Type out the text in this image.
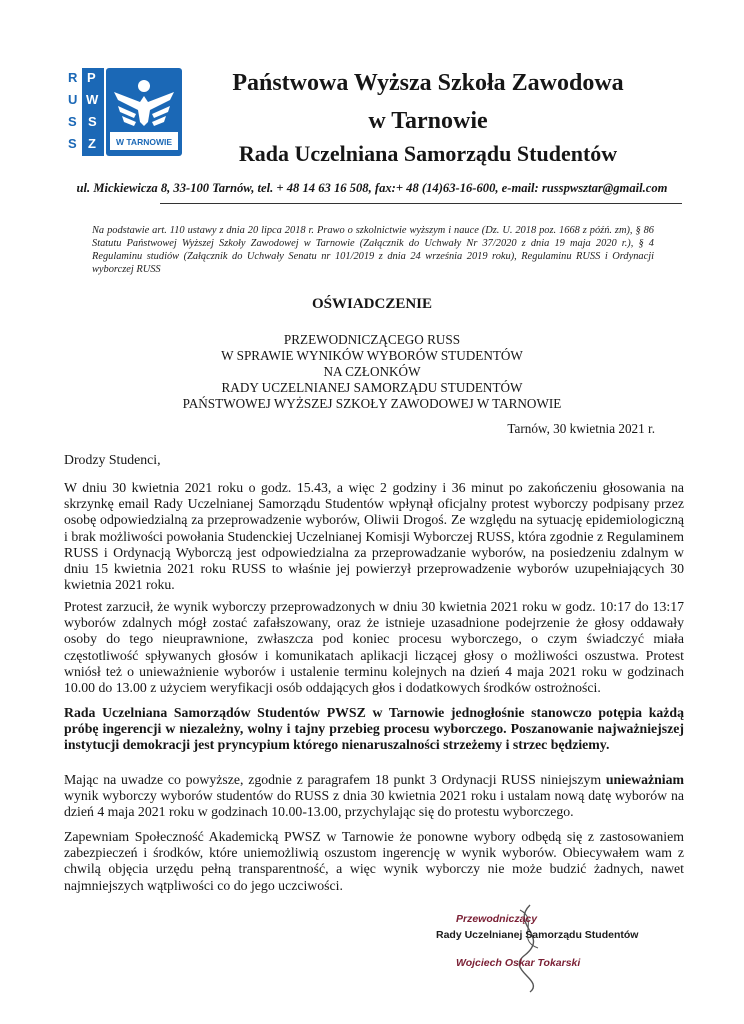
R
U
S
S
P
W
S
Z W TARNOWIE
Państwowa Wyższa Szkoła Zawodowa
w Tarnowie
Rada Uczelniana Samorządu Studentów
ul. Mickiewicza 8, 33-100 Tarnów, tel. + 48 14 63 16 508, fax:+ 48 (14)63-16-600, e-mail: russpwsztar@gmail.com

Na podstawie art. 110 ustawy z dnia 20 lipca 2018 r. Prawo o szkolnictwie wyższym i nauce (Dz. U. 2018 poz. 1668 z późń. zm), § 86 Statutu Państwowej Wyższej Szkoły Zawodowej w Tarnowie (Załącznik do Uchwały Nr 37/2020 z dnia 19 maja 2020 r.), § 4 Regulaminu studiów (Załącznik do Uchwały Senatu nr 101/2019 z dnia 24 września 2019 roku), Regulaminu RUSS i Ordynacji wyborczej RUSS

OŚWIADCZENIE
PRZEWODNICZĄCEGO RUSS
W SPRAWIE WYNIKÓW WYBORÓW STUDENTÓW
NA CZŁONKÓW
RADY UCZELNIANEJ SAMORZĄDU STUDENTÓW
PAŃSTWOWEJ WYŻSZEJ SZKOŁY ZAWODOWEJ W TARNOWIE
Tarnów, 30 kwietnia 2021 r.
Drodzy Studenci,

W dniu 30 kwietnia 2021 roku o godz. 15.43, a więc 2 godziny i 36 minut po zakończeniu głosowania na skrzynkę email Rady Uczelnianej Samorządu Studentów wpłynął oficjalny protest wyborczy podpisany przez osobę odpowiedzialną za przeprowadzenie wyborów, Oliwii Drogoś. Ze względu na sytuację epidemiologiczną i brak możliwości powołania Studenckiej Uczelnianej Komisji Wyborczej RUSS, która zgodnie z Regulaminem RUSS i Ordynacją Wyborczą jest odpowiedzialna za przeprowadzanie wyborów, na posiedzeniu zdalnym w dniu 15 kwietnia 2021 roku RUSS to właśnie jej powierzył przeprowadzenie wyborów uzupełniających 30 kwietnia 2021 roku.

Protest zarzucił, że wynik wyborczy przeprowadzonych w dniu 30 kwietnia 2021 roku w godz. 10:17 do 13:17 wyborów zdalnych mógł zostać zafałszowany, oraz że istnieje uzasadnione podejrzenie że głosy oddawały osoby do tego nieuprawnione, zwłaszcza pod koniec procesu wyborczego, o czym świadczyć miała częstotliwość spływanych głosów i komunikatach aplikacji liczącej głosy o możliwości oszustwa. Protest wniósł też o unieważnienie wyborów i ustalenie terminu kolejnych na dzień 4 maja 2021 roku w godzinach 10.00 do 13.00 z użyciem weryfikacji osób oddających głos i dodatkowych środków ostrożności.

Rada Uczelniana Samorządów Studentów PWSZ w Tarnowie jednogłośnie stanowczo potępia każdą próbę ingerencji w niezależny, wolny i tajny przebieg procesu wyborczego. Poszanowanie najważniejszej instytucji demokracji jest pryncypium którego nienaruszalności strzeżemy i strzec będziemy.

Mając na uwadze co powyższe, zgodnie z paragrafem 18 punkt 3 Ordynacji RUSS niniejszym unieważniam wynik wyborczy wyborów studentów do RUSS z dnia 30 kwietnia 2021 roku i ustalam nową datę wyborów na dzień 4 maja 2021 roku w godzinach 10.00-13.00, przychylając się do protestu wyborczego.

Zapewniam Społeczność Akademicką PWSZ w Tarnowie że ponowne wybory odbędą się z zastosowaniem zabezpieczeń i środków, które uniemożliwią oszustom ingerencję w wynik wyborów. Obiecywałem wam z chwilą objęcia urzędu pełną transparentność, a więc wynik wyborczy nie może budzić żadnych, nawet najmniejszych wątpliwości co do jego uczciwości.

Przewodniczący
Rady Uczelnianej Samorządu Studentów
Wojciech Oskar Tokarski
